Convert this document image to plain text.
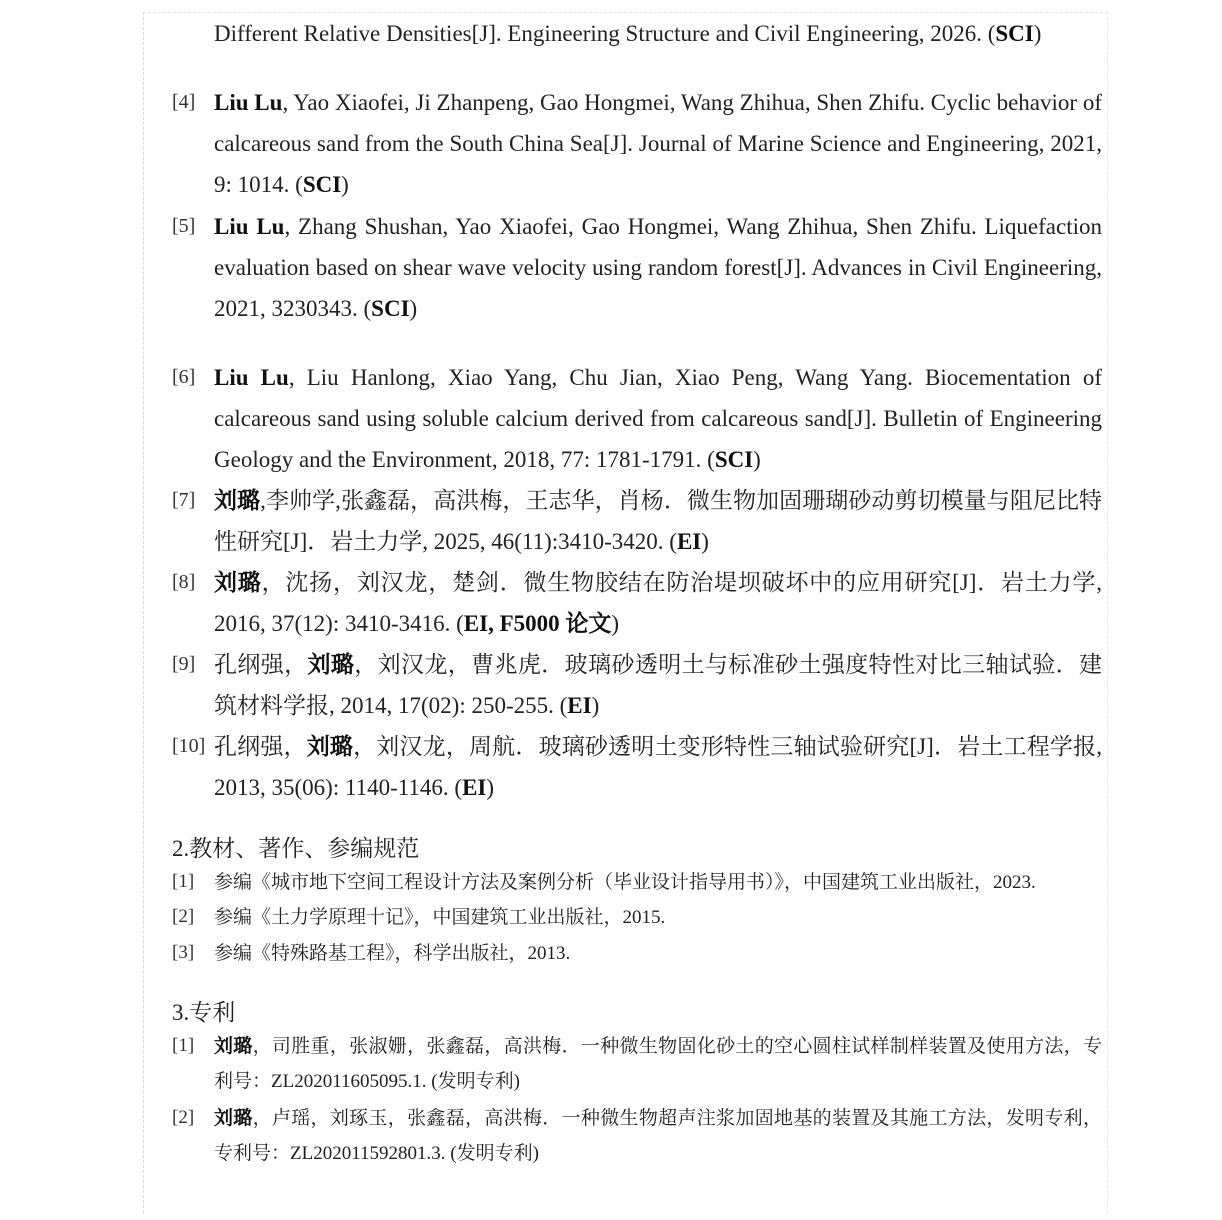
Different Relative Densities[J]. Engineering Structure and Civil Engineering, 2026. (SCI)
[4] Liu Lu, Yao Xiaofei, Ji Zhanpeng, Gao Hongmei, Wang Zhihua, Shen Zhifu. Cyclic behavior of calcareous sand from the South China Sea[J]. Journal of Marine Science and Engineering, 2021, 9: 1014. (SCI)
[5] Liu Lu, Zhang Shushan, Yao Xiaofei, Gao Hongmei, Wang Zhihua, Shen Zhifu. Liquefaction evaluation based on shear wave velocity using random forest[J]. Advances in Civil Engineering, 2021, 3230343. (SCI)
[6] Liu Lu, Liu Hanlong, Xiao Yang, Chu Jian, Xiao Peng, Wang Yang. Biocementation of calcareous sand using soluble calcium derived from calcareous sand[J]. Bulletin of Engineering Geology and the Environment, 2018, 77: 1781-1791. (SCI)
[7] 刘璐,李帅学,张鑫磊，高洪梅，王志华，肖杨．微生物加固珊瑚砂动剪切模量与阻尼比特性研究[J]．岩土力学, 2025, 46(11):3410-3420. (EI)
[8] 刘璐，沈扬，刘汉龙，楚剑．微生物胶结在防治堤坝破坏中的应用研究[J]．岩土力学, 2016, 37(12): 3410-3416. (EI, F5000 论文)
[9] 孔纲强，刘璐，刘汉龙，曹兆虎．玻璃砂透明土与标准砂土强度特性对比三轴试验．建筑材料学报, 2014, 17(02): 250-255. (EI)
[10] 孔纲强，刘璐，刘汉龙，周航．玻璃砂透明土变形特性三轴试验研究[J]．岩土工程学报, 2013, 35(06): 1140-1146. (EI)
2.教材、著作、参编规范
[1] 参编《城市地下空间工程设计方法及案例分析（毕业设计指导用书）》，中国建筑工业出版社，2023.
[2] 参编《土力学原理十记》，中国建筑工业出版社，2015.
[3] 参编《特殊路基工程》，科学出版社，2013.
3.专利
[1] 刘璐，司胜重，张淑姗，张鑫磊，高洪梅．一种微生物固化砂土的空心圆柱试样制样装置及使用方法，专利号：ZL202011605095.1. (发明专利)
[2] 刘璐，卢瑶，刘琢玉，张鑫磊，高洪梅．一种微生物超声注浆加固地基的装置及其施工方法，发明专利，专利号：ZL202011592801.3. (发明专利)
